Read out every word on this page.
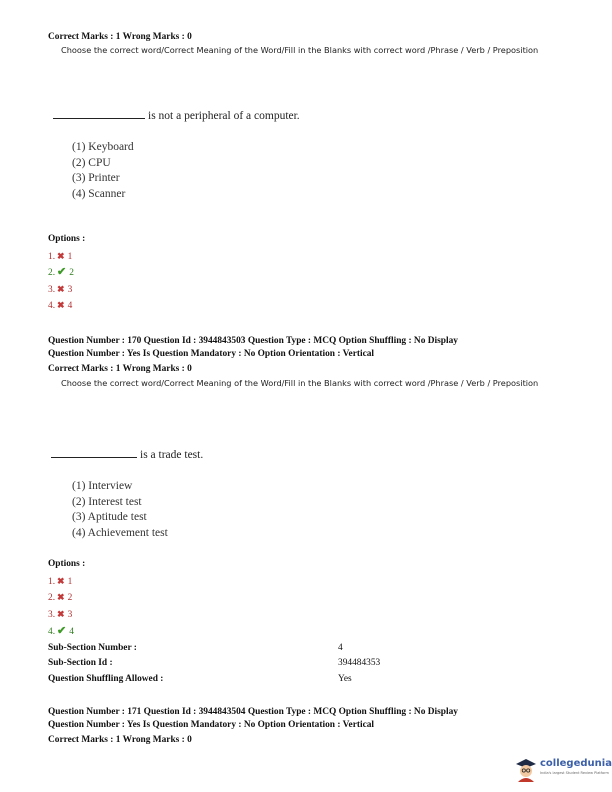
Correct Marks : 1 Wrong Marks : 0
Choose the correct word/Correct Meaning of the Word/Fill in the Blanks with correct word /Phrase / Verb / Preposition
is not a peripheral of a computer.
(1) Keyboard
(2) CPU
(3) Printer
(4) Scanner
Options :
1. ✖ 1
2. ✔ 2
3. ✖ 3
4. ✖ 4
Question Number : 170 Question Id : 3944843503 Question Type : MCQ Option Shuffling : No Display
Question Number : Yes Is Question Mandatory : No Option Orientation : Vertical
Correct Marks : 1 Wrong Marks : 0
Choose the correct word/Correct Meaning of the Word/Fill in the Blanks with correct word /Phrase / Verb / Preposition
is a trade test.
(1) Interview
(2) Interest test
(3) Aptitude test
(4) Achievement test
Options :
1. ✖ 1
2. ✖ 2
3. ✖ 3
4. ✔ 4
Sub-Section Number :	4
Sub-Section Id :	394484353
Question Shuffling Allowed :	Yes
Question Number : 171 Question Id : 3944843504 Question Type : MCQ Option Shuffling : No Display
Question Number : Yes Is Question Mandatory : No Option Orientation : Vertical
Correct Marks : 1 Wrong Marks : 0
collegedunia
India's largest Student Review Platform
